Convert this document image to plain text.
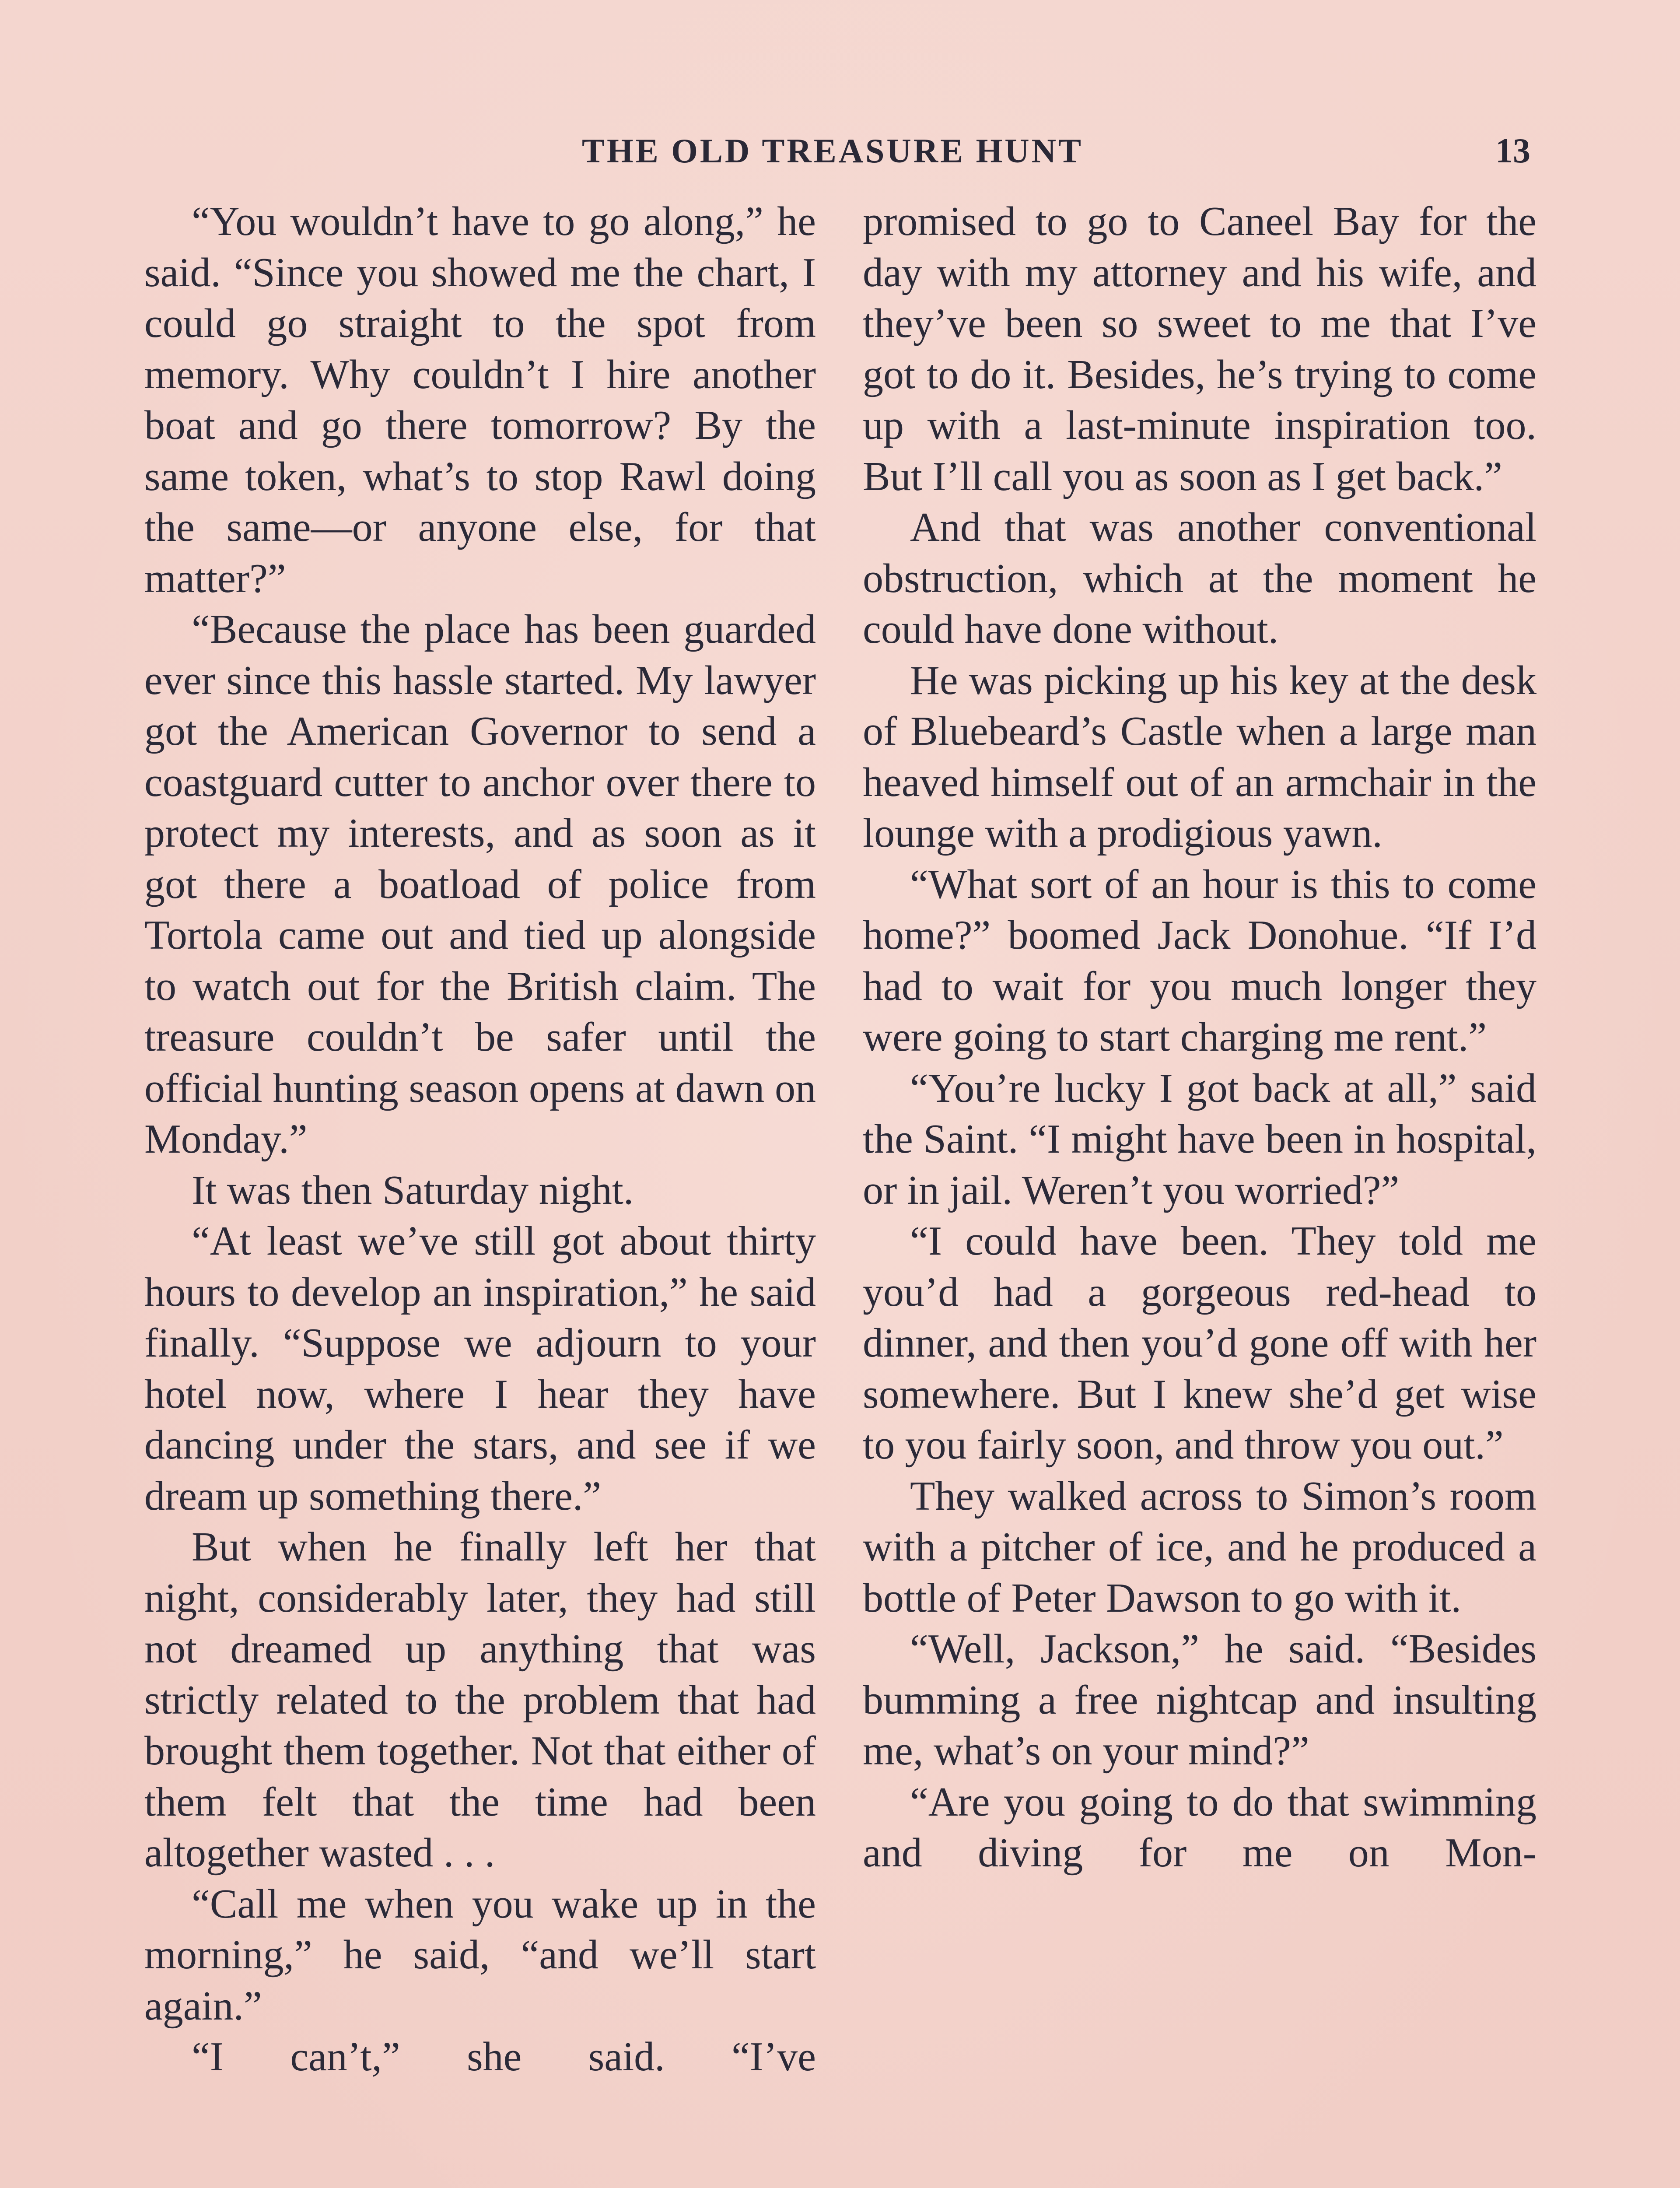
THE OLD TREASURE HUNT	13

“You wouldn’t have to go along,” he said. “Since you showed me the chart, I could go straight to the spot from memory. Why couldn’t I hire another boat and go there tomorrow? By the same token, what’s to stop Rawl doing the same—or anyone else, for that matter?”

“Because the place has been guarded ever since this hassle started. My lawyer got the American Governor to send a coastguard cutter to anchor over there to protect my interests, and as soon as it got there a boatload of police from Tortola came out and tied up alongside to watch out for the British claim. The treasure couldn’t be safer until the official hunting season opens at dawn on Monday.”

It was then Saturday night.

“At least we’ve still got about thirty hours to develop an inspiration,” he said finally. “Suppose we adjourn to your hotel now, where I hear they have dancing under the stars, and see if we dream up something there.”

But when he finally left her that night, considerably later, they had still not dreamed up anything that was strictly related to the problem that had brought them together. Not that either of them felt that the time had been altogether wasted . . .

“Call me when you wake up in the morning,” he said, “and we’ll start again.”

“I can’t,” she said. “I’ve

promised to go to Caneel Bay for the day with my attorney and his wife, and they’ve been so sweet to me that I’ve got to do it. Besides, he’s trying to come up with a last-minute inspiration too. But I’ll call you as soon as I get back.”

And that was another conventional obstruction, which at the moment he could have done without.

He was picking up his key at the desk of Bluebeard’s Castle when a large man heaved himself out of an armchair in the lounge with a prodigious yawn.

“What sort of an hour is this to come home?” boomed Jack Donohue. “If I’d had to wait for you much longer they were going to start charging me rent.”

“You’re lucky I got back at all,” said the Saint. “I might have been in hospital, or in jail. Weren’t you worried?”

“I could have been. They told me you’d had a gorgeous red-head to dinner, and then you’d gone off with her somewhere. But I knew she’d get wise to you fairly soon, and throw you out.”

They walked across to Simon’s room with a pitcher of ice, and he produced a bottle of Peter Dawson to go with it.

“Well, Jackson,” he said. “Besides bumming a free nightcap and insulting me, what’s on your mind?”

“Are you going to do that swimming and diving for me on Mon-
